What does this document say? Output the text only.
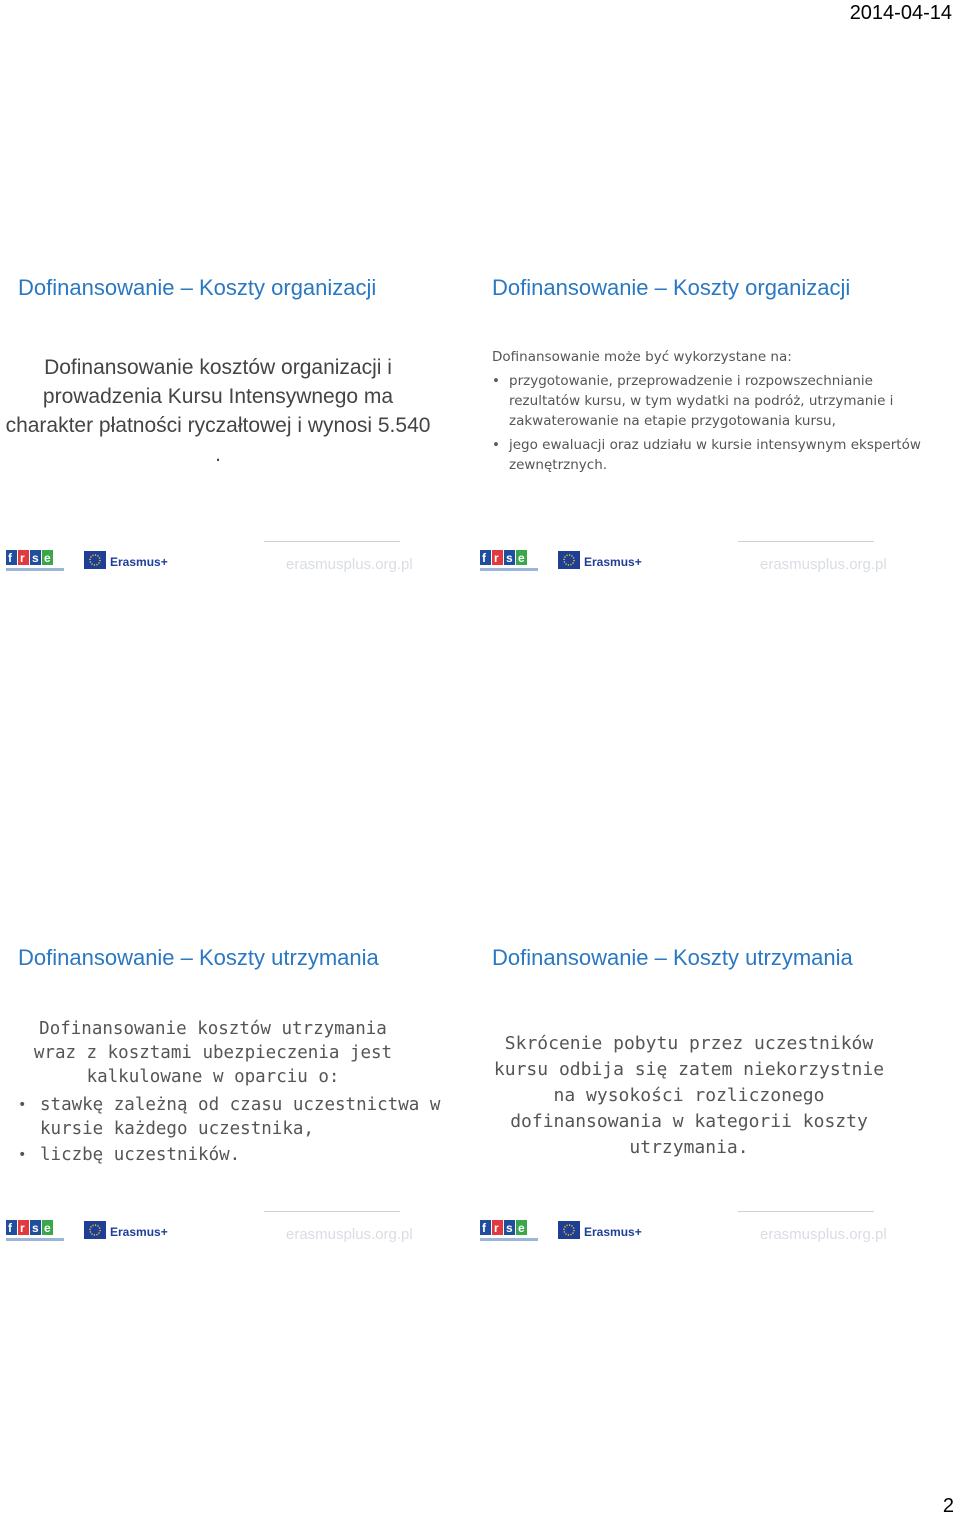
2014-04-14
Dofinansowanie – Koszty organizacji
Dofinansowanie kosztów organizacji i prowadzenia Kursu Intensywnego ma charakter płatności ryczałtowej i wynosi 5.540 .
f r s e	Erasmus+	erasmusplus.org.pl
Dofinansowanie – Koszty organizacji
Dofinansowanie może być wykorzystane na:
• przygotowanie, przeprowadzenie i rozpowszechnianie rezultatów kursu, w tym wydatki na podróż, utrzymanie i zakwaterowanie na etapie przygotowania kursu,
• jego ewaluacji oraz udziału w kursie intensywnym ekspertów zewnętrznych.
f r s e	Erasmus+	erasmusplus.org.pl
Dofinansowanie – Koszty utrzymania
Dofinansowanie kosztów utrzymania wraz z kosztami ubezpieczenia jest kalkulowane w oparciu o:
• stawkę zależną od czasu uczestnictwa w kursie każdego uczestnika,
• liczbę uczestników.
f r s e	Erasmus+	erasmusplus.org.pl
Dofinansowanie – Koszty utrzymania
Skrócenie pobytu przez uczestników kursu odbija się zatem niekorzystnie na wysokości rozliczonego dofinansowania w kategorii koszty utrzymania.
f r s e	Erasmus+	erasmusplus.org.pl
2
